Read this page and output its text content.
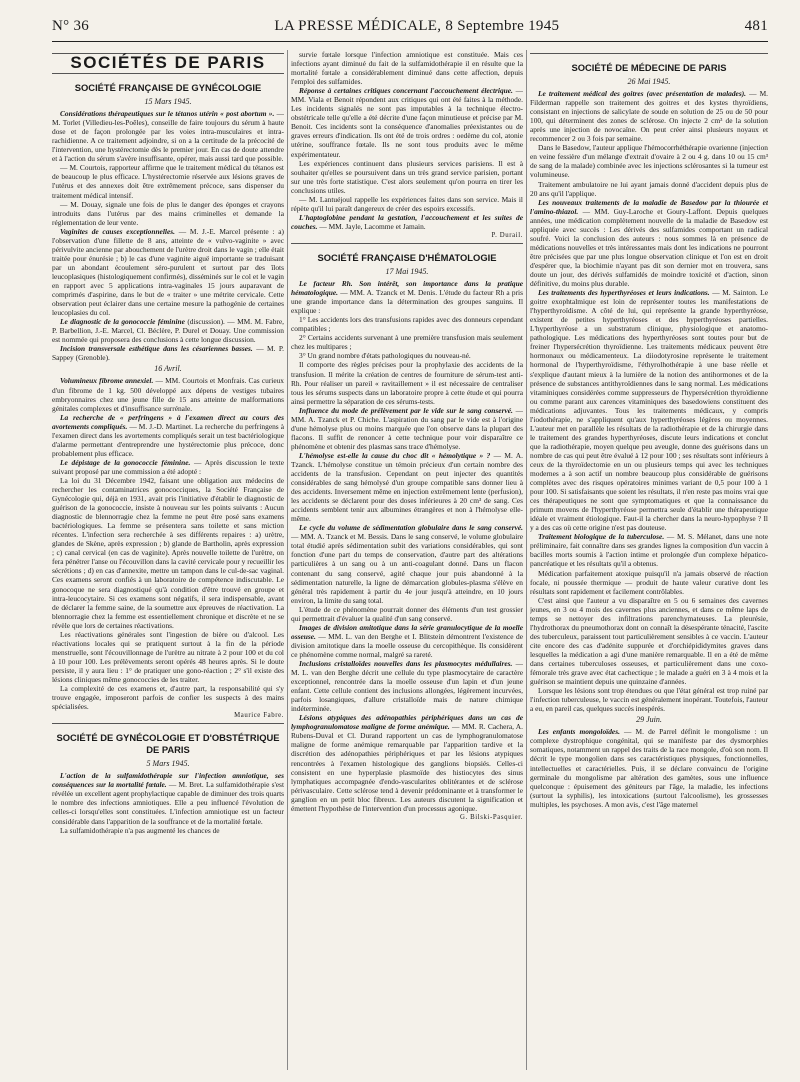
N° 36	LA PRESSE MÉDICALE, 8 Septembre 1945	481
SOCIÉTÉS DE PARIS
SOCIÉTÉ FRANÇAISE DE GYNÉCOLOGIE
15 Mars 1945.

Considérations thérapeutiques sur le tétanos utérin « post abortum ». — M. Torlet (Villedieu-les-Poêles), conseille de faire toujours du sérum à haute dose et de façon prolongée par les voies intra-musculaires et intra-rachidienne. A ce traitement adjoindre, si on a la certitude de la précocité de l'intervention, une hystérectomie dès le premier jour. En cas de doute attendre et à l'action du sérum s'avère insuffisante, opérer, mais aussi tard que possible.

— M. Courtois, rapporteur affirme que le traitement médical du tétanos est de beaucoup le plus efficace. L'hystérectomie réservée aux lésions graves de l'utérus et des annexes doit être extrêmement précoce, sans dispenser du traitement médical intensif.

— M. Douay, signale une fois de plus le danger des éponges et crayons introduits dans l'utérus par des mains criminelles et demande la réglementation de leur vente.

Vaginites de causes exceptionnelles. — M. J.-E. Marcel présente : a) l'observation d'une fillette de 8 ans, atteinte de « vulvo-vaginite » avec périvulvite ancienne par abouchement de l'urètre droit dans le vagin ; elle était traitée pour énurésie ; b) le cas d'une vaginite aiguë importante se traduisant par un abondant écoulement séro-purulent et surtout par des îlots leucoplasiques (histologiquement confirmés), disséminés sur le col et le vagin en rapport avec 5 applications intra-vaginales 15 jours auparavant de comprimés d'aspirine, dans le but de « traiter » une métrite cervicale. Cette observation peut éclairer dans une certaine mesure la pathogénie de certaines leucoplasies du col.

Le diagnostic de la gonococcie féminine (discussion). — MM. M. Fabre, P. Barbellion, J.-E. Marcel, Cl. Béclère, P. Durel et Douay. Une commission est nommée qui proposera des conclusions à cette longue discussion.

Incision transversale esthétique dans les césariennes basses. — M. P. Sappey (Grenoble).

16 Avril.

Volumineux fibrome annexiel. — MM. Courtois et Monfrais. Cas curieux d'un fibrome de 1 kg. 500 développé aux dépens de vestiges tubaires embryonnaires chez une jeune fille de 15 ans atteinte de malformations génitales complexes et d'insuffisance surrénale.

La recherche de « perfringens » à l'examen direct au cours des avortements compliqués. — M. J.-D. Martinet. La recherche du perfringens à l'examen direct dans les avortements compliqués serait un test bactériologique d'alarme permettant d'entreprendre une hystérectomie plus précoce, donc probablement plus efficace.

Le dépistage de la gonococcie féminine. — Après discussion le texte suivant proposé par une commission a été adopté :

La loi du 31 Décembre 1942, faisant une obligation aux médecins de rechercher les contaminatrices gonococciques, la Société Française de Gynécologie qui, déjà en 1931, avait pris l'initiative d'établir le diagnostic de guérison de la gonococcie, insiste à nouveau sur les points suivants : Aucun diagnostic de blennorragie chez la femme ne peut être posé sans examens bactériologiques. La femme se présentera sans toilette et sans miction récentes. L'infection sera recherchée à ses différents repaires : a) urètre, glandes de Skène, après expression ; b) glande de Bartholin, après expression ; c) canal cervical (en cas de vaginite). Après nouvelle toilette de l'urètre, on fera pénétrer l'anse ou l'écouvillon dans la cavité cervicale pour y recueillir les sécrétions ; d) en cas d'annexite, mettre un tampon dans le cul-de-sac vaginal. Ces examens seront confiés à un laboratoire de compétence indiscutable. Le gonocoque ne sera diagnostiqué qu'à condition d'être trouvé en groupe et intra-leucocytaire. Si ces examens sont négatifs, il sera indispensable, avant de déclarer la femme saine, de la soumettre aux épreuves de réactivation. La blennorragie chez la femme est essentiellement chronique et discrète et ne se révèle que lors de certaines réactivations.

Les réactivations générales sont l'ingestion de bière ou d'alcool. Les réactivations locales qui se pratiquent surtout à la fin de la période menstruelle, sont l'écouvillonnage de l'urètre au nitrate à 2 pour 100 et du col à 10 pour 100. Les prélèvements seront opérés 48 heures après. Si le doute persiste, il y aura lieu : 1° de pratiquer une gono-réaction ; 2° s'il existe des lésions cliniques même gonococcies de les traiter.

La complexité de ces examens et, d'autre part, la responsabilité qui s'y trouve engagée, imposeront parfois de confier les suspects à des mains spécialisées.

Maurice Fabre.
SOCIÉTÉ DE GYNÉCOLOGIE ET D'OBSTÉTRIQUE DE PARIS
5 Mars 1945.

L'action de la sulfamidothérapie sur l'infection amniotique, ses conséquences sur la mortalité fœtale. — M. Bret. La sulfamidothérapie s'est révélée un excellent agent prophylactique capable de diminuer des trois quarts le nombre des infections amniotiques. Elle a peu influencé l'évolution de celles-ci lorsqu'elles sont constituées. L'infection amniotique est un facteur considérable dans l'apparition de la souffrance et de la mortalité fœtale.

La sulfamidothérapie n'a pas augmenté les chances de

survie fœtale lorsque l'infection amniotique est constituée. Mais ces infections ayant diminué du fait de la sulfamidothérapie il en résulte que la mortalité fœtale a considérablement diminué dans cette affection, depuis l'emploi des sulfamides.

Réponse à certaines critiques concernant l'accouchement électrique. — MM. Viala et Benoit répondent aux critiques qui ont été faites à la méthode. Les incidents signalés ne sont pas imputables à la technique électro-obstétricale telle qu'elle a été décrite d'une façon minutieuse et précise par M. Benoit. Ces incidents sont la conséquence d'anomalies préexistantes ou de graves erreurs d'indication. Ils ont été de trois ordres : oedème du col, atonie utérine, souffrance fœtale. Ils ne sont tous produits avec le même expérimentateur.

Les expériences continuent dans plusieurs services parisiens. Il est à souhaiter qu'elles se poursuivent dans un très grand service parisien, portant sur une très forte statistique. C'est alors seulement qu'on pourra en tirer les conclusions utiles.

— M. Lantuéjoul rappelle les expériences faites dans son service. Mais il répète qu'il lui paraît dangereux de créer des espoirs excessifs.

L'haptoglobine pendant la gestation, l'accouchement et les suites de couches. — MM. Jayle, Lacomme et Jamain.

P. Durail.
SOCIÉTÉ FRANÇAISE D'HÉMATOLOGIE
17 Mai 1945.

Le facteur Rh. Son intérêt, son importance dans la pratique hématologique. — MM. A. Tzanck et M. Denis. L'étude du facteur Rh a pris une grande importance dans la détermination des groupes sanguins. Il explique :

1° Les accidents lors des transfusions rapides avec des donneurs cependant compatibles ;

2° Certains accidents survenant à une première transfusion mais seulement chez les multipares ;

3° Un grand nombre d'états pathologiques du nouveau-né.

Il comporte des règles précises pour la prophylaxie des accidents de la transfusion. Il mérite la création de centres de fourniture de sérum-test anti-Rh. Pour réaliser un pareil « ravitaillement » il est nécessaire de centraliser tous les sérums suspects dans un laboratoire propre à cette étude et qui pourra ainsi permettre la séparation de ces sérums-tests.

Influence du mode de prélèvement par le vide sur le sang conservé. — MM. A. Tzanck et P. Chiche. L'aspiration du sang par le vide est à l'origine d'une hémolyse plus ou moins marquée que l'on observe dans la plupart des flacons. Il suffit de renoncer à cette technique pour voir disparaître ce phénomène et obtenir des plasmas sans trace d'hémolyse.

L'hémolyse est-elle la cause du choc dit « hémolytique » ? — M. A. Tzanck. L'hémolyse constitue un témoin précieux d'un certain nombre des accidents de la transfusion. Cependant on peut injecter des quantités considérables de sang hémolysé d'un groupe compatible sans donner lieu à des accidents. Inversement même en injection extrêmement lente (perfusion), les accidents se déclarent pour des doses inférieures à 20 cm³ de sang. Ces accidents semblent tenir aux albumines étrangères et non à l'hémolyse elle-même.

Le cycle du volume de sédimentation globulaire dans le sang conservé. — MM. A. Tzanck et M. Bessis. Dans le sang conservé, le volume globulaire total étudié après sédimentation subit des variations considérables, qui sont fonction d'une part du temps de conservation, d'autre part des altérations particulières à un sang ou à un anti-coagulant donné. Dans un flacon contenant du sang conservé, agité chaque jour puis abandonné à la sédimentation naturelle, la ligne de démarcation globules-plasma s'élève en général très rapidement à partir du 4e jour jusqu'à atteindre, en 10 jours environ, la limite du sang total.

L'étude de ce phénomène pourrait donner des éléments d'un test grossier qui permettrait d'évaluer la qualité d'un sang conservé.

Images de division amitotique dans la série granulocytique de la moelle osseuse. — MM. L. van den Berghe et I. Blitstein démontrent l'existence de division amitotique dans la moelle osseuse du cercopithèque. Ils considèrent ce phénomène comme normal, malgré sa rareté.

Inclusions cristalloïdes nouvelles dans les plasmocytes médullaires. — M. L. van den Berghe décrit une cellule du type plasmocytaire de caractère exceptionnel, rencontrée dans la moelle osseuse d'un lapin et d'un jeune enfant. Cette cellule contient des inclusions allongées, légèrement incurvées, parfois losangiques, d'allure cristalloïde mais de nature chimique indéterminée.

Lésions atypiques des adénopathies périphériques dans un cas de lymphogranulomatose maligne de forme anémique. — MM. R. Cachera, A. Rubens-Duval et Cl. Durand rapportent un cas de lymphogranulomatose maligne de forme anémique remarquable par l'apparition tardive et la discrétion des adénopathies périphériques et par les lésions atypiques rencontrées à l'examen histologique des ganglions biopsiés. Celles-ci consistent en une hyperplasie plasmoïde des histiocytes des sinus lymphatiques accompagnée d'endo-vascularites oblitérantes et de sclérose périvasculaire. Cette sclérose tend à devenir prédominante et à transformer le ganglion en un petit bloc fibreux. Les auteurs discutent la signification et émettent l'hypothèse de l'intervention d'un processus agonique.

G. Bilski-Pasquier.
SOCIÉTÉ DE MÉDECINE DE PARIS
26 Mai 1945.

Le traitement médical des goitres (avec présentation de malades). — M. Filderman rappelle son traitement des goitres et des kystes thyroïdiens, consistant en injections de salicylate de soude en solution de 25 ou de 50 pour 100, qui déterminent des zones de sclérose. On injecte 2 cm³ de la solution après une injection de novocaïne. On peut créer ainsi plusieurs noyaux et recommencer 2 ou 3 fois par semaine.

Dans le Basedow, l'auteur applique l'hémocorrhéthérapie ovarienne (injection en veine fessière d'un mélange d'extrait d'ovaire à 2 ou 4 g. dans 10 ou 15 cm³ de sang de la malade) combinée avec les injections sclérosantes si la tumeur est volumineuse.

Traitement ambulatoire ne lui ayant jamais donné d'accident depuis plus de 20 ans qu'il l'applique.

Les nouveaux traitements de la maladie de Basedow par la thiourée et l'amino-thiazol. — MM. Guy-Laroche et Goury-Laffont. Depuis quelques années, une médication complètement nouvelle de la maladie de Basedow est appliquée avec succès : Les dérivés des sulfamides comportant un radical soufré. Voici la conclusion des auteurs : nous sommes là en présence de médications nouvelles et très intéressantes mais dont les indications ne pourront être précisées que par une plus longue observation clinique et l'on est en droit d'espérer que, la biochimie n'ayant pas dit son dernier mot en trouvera, sans doute un jour, des dérivés sulfamidés de moindre toxicité et d'action, sinon définitive, du moins plus durable.

Les traitements des hyperthyréoses et leurs indications. — M. Sainton. Le goitre exophtalmique est loin de représenter toutes les manifestations de l'hyperthyroïdisme. A côté de lui, qui représente la grande hyperthyréose, existent de petites hyperthyréoses et des hyperthyréoses partielles. L'hyperthyréose a un substratum clinique, physiologique et anatomo-pathologique. Les médications des hyperthyréoses sont toutes pour but de freiner l'hypersécrétion thyroïdienne. Les traitements médicaux peuvent être hormonaux ou médicamenteux. La diiodotyrosine représente le traitement hormonal de l'hyperthyroïdisme, l'éthyrolhothérapie à une base réelle et s'explique d'autant mieux à la lumière de la notion des antihormones et de la présence de substances antithyroïdiennes dans le sang normal. Les médications vitaminiques considérées comme suppresseurs de l'hypersécrétion thyroïdienne ou comme parant aux carences vitaminiques des basedowiens constituent des médications adjuvantes. Tous les traitements médicaux, y compris l'iodothérapie, ne s'appliquent qu'aux hyperthyréoses légères ou moyennes. L'auteur met en parallèle les résultats de la radiothérapie et de la chirurgie dans le traitement des grandes hyperthyréoses, discute leurs indications et conclut que la radiothérapie, moyen quelque peu aveugle, donne des guérisons dans un nombre de cas qui peut être évalué à 12 pour 100 ; ses résultats sont inférieurs à ceux de la thyroïdectomie en un ou plusieurs temps qui avec les techniques modernes a à son actif un nombre beaucoup plus considérable de guérisons complètes avec des risques opératoires minimes variant de 0,5 pour 100 à 1 pour 100. Si satisfaisants que soient les résultats, il n'en reste pas moins vrai que ces thérapeutiques ne sont que symptomatiques et que la connaissance du primum movens de l'hyperthyréose permettra seule d'établir une thérapeutique idéale et vraiment étiologique. Faut-il la chercher dans la neuro-hypophyse ? Il y a des cas où cette origine n'est pas douteuse.

Traitement biologique de la tuberculose. — M. S. Mélanet, dans une note préliminaire, fait connaître dans ses grandes lignes la composition d'un vaccin à bacilles morts soumis à l'action intime et prolongée d'un complexe hépatico-pancréatique et les résultats qu'il a obtenus.

Médication parfaitement atoxique puisqu'il n'a jamais observé de réaction focale, ni poussée thermique — produit de haute valeur curative dont les résultats sont rapidement et facilement contrôlables.

C'est ainsi que l'auteur a vu disparaître en 5 ou 6 semaines des cavernes jeunes, en 3 ou 4 mois des cavernes plus anciennes, et dans ce même laps de temps se nettoyer des infiltrations parenchymateuses. La pleurésie, l'hydrothorax du pneumothorax dont on connaît la désespérante ténacité, l'ascite des tuberculeux, paraissent tout particulièrement sensibles à ce vaccin. L'auteur cite encore des cas d'adénite suppurée et d'orchiépididymites graves dans lesquelles la médication a agi d'une manière remarquable. Il en a été de même dans certaines tuberculoses osseuses, et particulièrement dans une coxo-fémorale très grave avec état cachectique ; le malade a guéri en 3 à 4 mois et la guérison se maintient depuis une quinzaine d'années.

Lorsque les lésions sont trop étendues ou que l'état général est trop ruiné par l'infection tuberculeuse, le vaccin est généralement inopérant. Toutefois, l'auteur a eu, en pareil cas, quelques succès inespérés.

29 Juin.

Les enfants mongoloïdes. — M. de Parrel définit le mongolisme : un complexe dystrophique congénital, qui se manifeste par des dysmorphies somatiques, notamment un rappel des traits de la race mongole, d'où son nom. Il décrit le type mongolien dans ses caractéristiques physiques, fonctionnelles, intellectuelles et caractérielles. Puis, il se déclare convaincu de l'origine germinale du mongolisme par altération des gamètes, sous une influence quelconque : épuisement des géniteurs par l'âge, la maladie, les infections (surtout la syphilis), les intoxications (surtout l'alcoolisme), les grossesses multiples, les psychoses. A mon avis, c'est l'âge maternel
